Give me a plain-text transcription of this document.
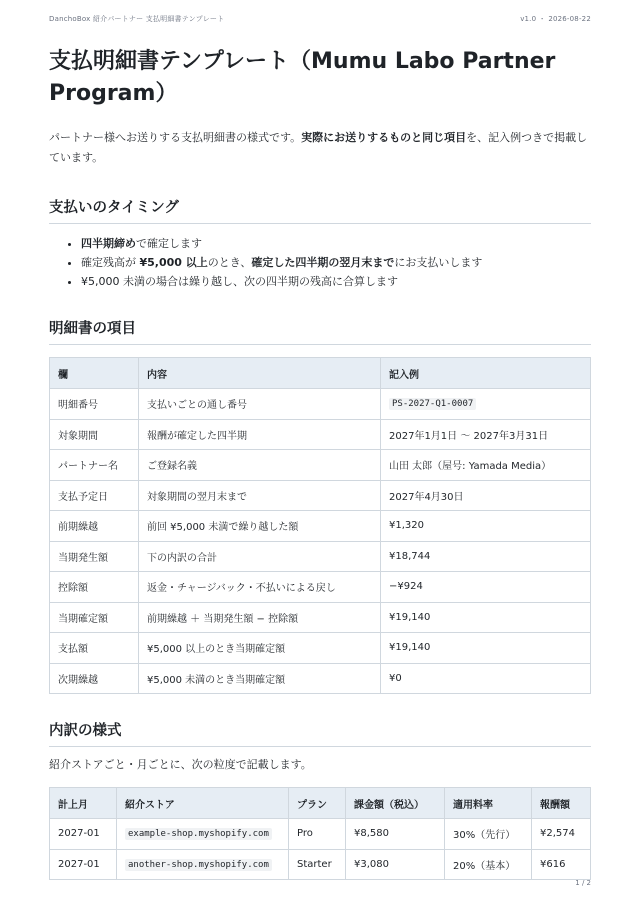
DanchoBox 紹介パートナー 支払明細書テンプレート	v1.0 ・ 2026-08-22
支払明細書テンプレート（Mumu Labo Partner Program）

パートナー様へお送りする支払明細書の様式です。実際にお送りするものと同じ項目を、記入例つきで掲載しています。

支払いのタイミング
• 四半期締めで確定します
• 確定残高が ¥5,000 以上のとき、確定した四半期の翌月末までにお支払いします
• ¥5,000 未満の場合は繰り越し、次の四半期の残高に合算します
明細書の項目
欄	内容	記入例
明細番号	支払いごとの通し番号	PS-2027-Q1-0007
対象期間	報酬が確定した四半期	2027年1月1日 〜 2027年3月31日
パートナー名	ご登録名義	山田 太郎（屋号: Yamada Media）
支払予定日	対象期間の翌月末まで	2027年4月30日
前期繰越	前回 ¥5,000 未満で繰り越した額	¥1,320
当期発生額	下の内訳の合計	¥18,744
控除額	返金・チャージバック・不払いによる戻し	−¥924
当期確定額	前期繰越 ＋ 当期発生額 − 控除額	¥19,140
支払額	¥5,000 以上のとき当期確定額	¥19,140
次期繰越	¥5,000 未満のとき当期確定額	¥0
内訳の様式

紹介ストアごと・月ごとに、次の粒度で記載します。

計上月	紹介ストア	プラン	課金額（税込）	適用料率	報酬額
2027-01	example-shop.myshopify.com	Pro	¥8,580	30%（先行）	¥2,574
2027-01	another-shop.myshopify.com	Starter	¥3,080	20%（基本）	¥616
1 / 2
